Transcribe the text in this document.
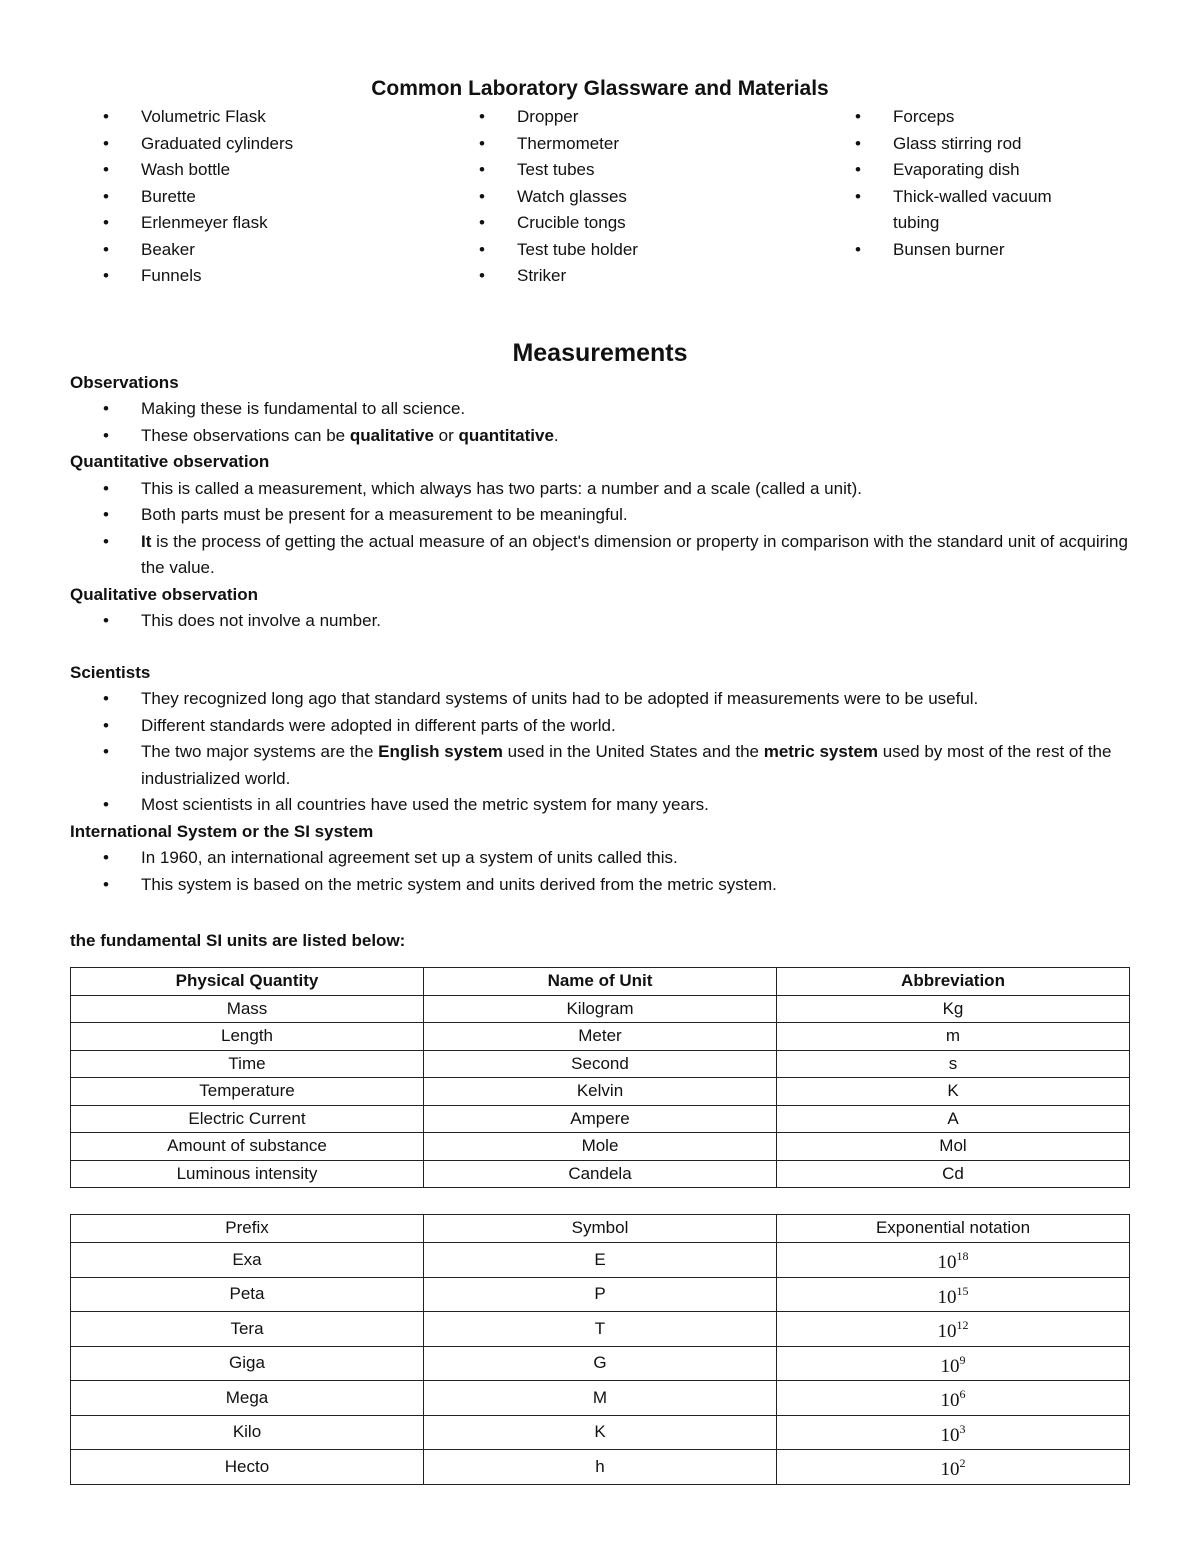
Common Laboratory Glassware and Materials
• Volumetric Flask
• Graduated cylinders
• Wash bottle
• Burette
• Erlenmeyer flask
• Beaker
• Funnels
• Dropper
• Thermometer
• Test tubes
• Watch glasses
• Crucible tongs
• Test tube holder
• Striker
• Forceps
• Glass stirring rod
• Evaporating dish
• Thick-walled vacuum tubing
• Bunsen burner
Measurements

Observations

• Making these is fundamental to all science.
• These observations can be qualitative or quantitative.

Quantitative observation

• This is called a measurement, which always has two parts: a number and a scale (called a unit).
• Both parts must be present for a measurement to be meaningful.
• It is the process of getting the actual measure of an object's dimension or property in comparison with the standard unit of acquiring the value.

Qualitative observation

• This does not involve a number.

Scientists

• They recognized long ago that standard systems of units had to be adopted if measurements were to be useful.
• Different standards were adopted in different parts of the world.
• The two major systems are the English system used in the United States and the metric system used by most of the rest of the industrialized world.
• Most scientists in all countries have used the metric system for many years.

International System or the SI system

• In 1960, an international agreement set up a system of units called this.
• This system is based on the metric system and units derived from the metric system.

the fundamental SI units are listed below:

Physical Quantity	Name of Unit	Abbreviation
Mass	Kilogram	Kg
Length	Meter	m
Time	Second	s
Temperature	Kelvin	K
Electric Current	Ampere	A
Amount of substance	Mole	Mol
Luminous intensity	Candela	Cd
Prefix	Symbol	Exponential notation
Exa	E	$10^{18}$
Peta	P	$10^{15}$
Tera	T	$10^{12}$
Giga	G	$10^9$
Mega	M	$10^6$
Kilo	K	$10^3$
Hecto	h	$10^2$
